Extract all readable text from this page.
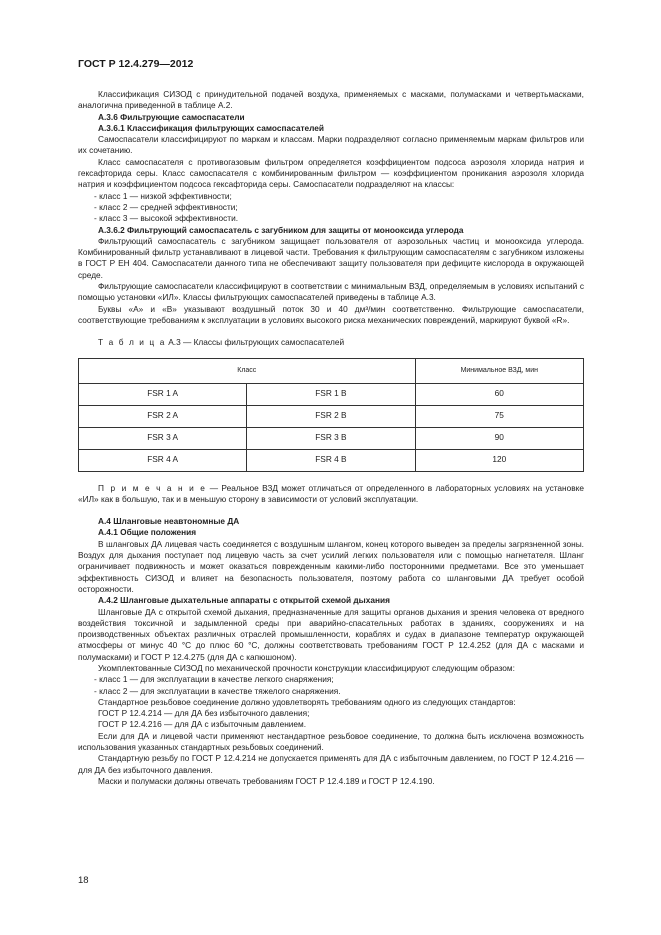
ГОСТ Р 12.4.279—2012

Классификация СИЗОД с принудительной подачей воздуха, применяемых с масками, полумасками и четвертьмасками, аналогична приведенной в таблице А.2.

А.3.6 Фильтрующие самоспасатели

А.3.6.1 Классификация фильтрующих самоспасателей

Самоспасатели классифицируют по маркам и классам. Марки подразделяют согласно применяемым маркам фильтров или их сочетанию.

Класс самоспасателя с противогазовым фильтром определяется коэффициентом подсоса аэрозоля хлорида натрия и гексафторида серы. Класс самоспасателя с комбинированным фильтром — коэффициентом проникания аэрозоля хлорида натрия и коэффициентом подсоса гексафторида серы. Самоспасатели подразделяют на классы:

- класс 1 — низкой эффективности;

- класс 2 — средней эффективности;

- класс 3 — высокой эффективности.

А.3.6.2 Фильтрующий самоспасатель с загубником для защиты от монооксида углерода

Фильтрующий самоспасатель с загубником защищает пользователя от аэрозольных частиц и монооксида углерода. Комбинированный фильтр устанавливают в лицевой части. Требования к фильтрующим самоспасателям с загубником изложены в ГОСТ Р ЕН 404. Самоспасатели данного типа не обеспечивают защиту пользователя при дефиците кислорода в окружающей среде.

Фильтрующие самоспасатели классифицируют в соответствии с минимальным ВЗД, определяемым в условиях испытаний с помощью установки «ИЛ». Классы фильтрующих самоспасателей приведены в таблице А.3.

Буквы «А» и «В» указывают воздушный поток 30 и 40 дм³/мин соответственно. Фильтрующие самоспасатели, соответствующие требованиям к эксплуатации в условиях высокого риска механических повреждений, маркируют буквой «R».

Т а б л и ц а А.3 — Классы фильтрующих самоспасателей

Класс		Минимальное ВЗД, мин
FSR 1 A	FSR 1 B	60
FSR 2 A	FSR 2 B	75
FSR 3 A	FSR 3 B	90
FSR 4 A	FSR 4 B	120

П р и м е ч а н и е — Реальное ВЗД может отличаться от определенного в лабораторных условиях на установке «ИЛ» как в большую, так и в меньшую сторону в зависимости от условий эксплуатации.

А.4 Шланговые неавтономные ДА

А.4.1 Общие положения

В шланговых ДА лицевая часть соединяется с воздушным шлангом, конец которого выведен за пределы загрязненной зоны. Воздух для дыхания поступает под лицевую часть за счет усилий легких пользователя или с помощью нагнетателя. Шланг ограничивает подвижность и может оказаться поврежденным какими-либо посторонними предметами. Все это уменьшает эффективность СИЗОД и влияет на безопасность пользователя, поэтому работа со шланговыми ДА требует особой осторожности.

А.4.2 Шланговые дыхательные аппараты с открытой схемой дыхания

Шланговые ДА с открытой схемой дыхания, предназначенные для защиты органов дыхания и зрения человека от вредного воздействия токсичной и задымленной среды при аварийно-спасательных работах в зданиях, сооружениях и на производственных объектах различных отраслей промышленности, кораблях и судах в диапазоне температур окружающей атмосферы от минус 40 °С до плюс 60 °С, должны соответствовать требованиям ГОСТ Р 12.4.252 (для ДА с масками и полумасками) и ГОСТ Р 12.4.275 (для ДА с капюшоном).

Укомплектованные СИЗОД по механической прочности конструкции классифицируют следующим образом:

- класс 1 — для эксплуатации в качестве легкого снаряжения;

- класс 2 — для эксплуатации в качестве тяжелого снаряжения.

Стандартное резьбовое соединение должно удовлетворять требованиям одного из следующих стандартов:

ГОСТ Р 12.4.214 — для ДА без избыточного давления;

ГОСТ Р 12.4.216 — для ДА с избыточным давлением.

Если для ДА и лицевой части применяют нестандартное резьбовое соединение, то должна быть исключена возможность использования указанных стандартных резьбовых соединений.

Стандартную резьбу по ГОСТ Р 12.4.214 не допускается применять для ДА с избыточным давлением, по ГОСТ Р 12.4.216 — для ДА без избыточного давления.

Маски и полумаски должны отвечать требованиям ГОСТ Р 12.4.189 и ГОСТ Р 12.4.190.

18
